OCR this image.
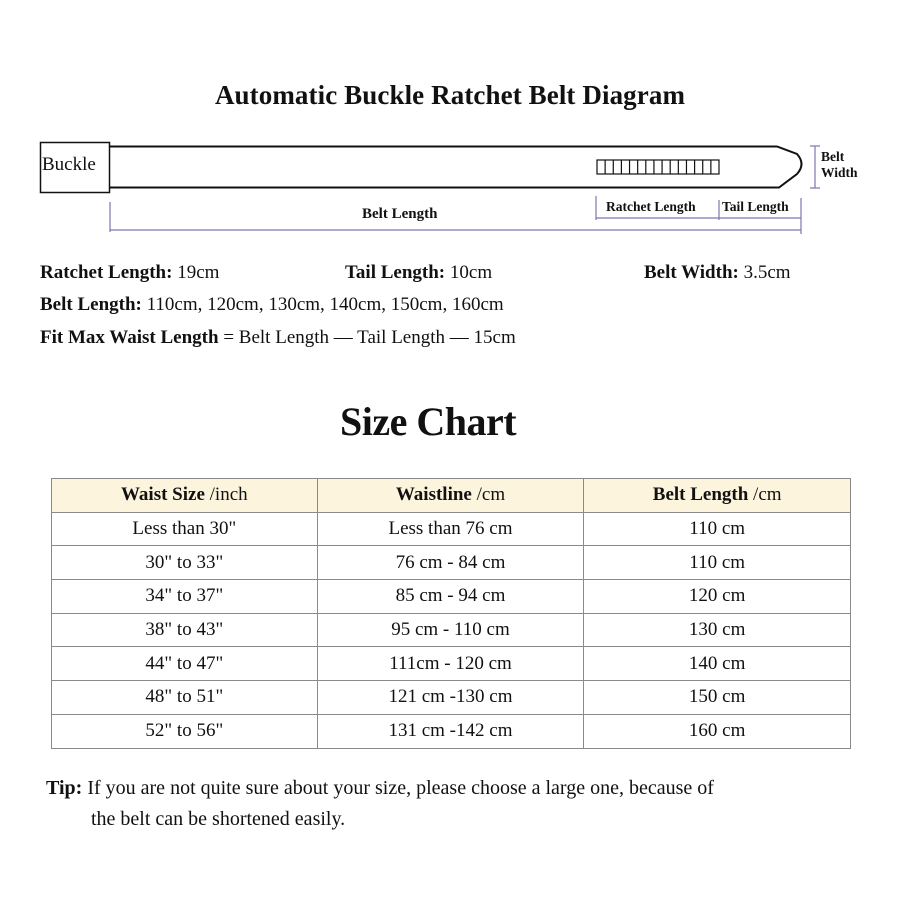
Automatic Buckle Ratchet Belt Diagram
Buckle
Belt Length	Ratchet Length Tail Length
Belt
Width
Ratchet Length: 19cm	Tail Length: 10cm	Belt Width: 3.5cm
Belt Length: 110cm, 120cm, 130cm, 140cm, 150cm, 160cm
Fit Max Waist Length = Belt Length — Tail Length — 15cm
Size Chart
Waist Size /inch	Waistline /cm	Belt Length /cm
Less than 30"	Less than 76 cm	110 cm
30" to 33"	76 cm - 84 cm	110 cm
34" to 37"	85 cm - 94 cm	120 cm
38" to 43"	95 cm - 110 cm	130 cm
44" to 47"	111cm - 120 cm	140 cm
48" to 51"	121 cm -130 cm	150 cm
52" to 56"	131 cm -142 cm	160 cm
Tip: If you are not quite sure about your size, please choose a large one, because of
the belt can be shortened easily.
